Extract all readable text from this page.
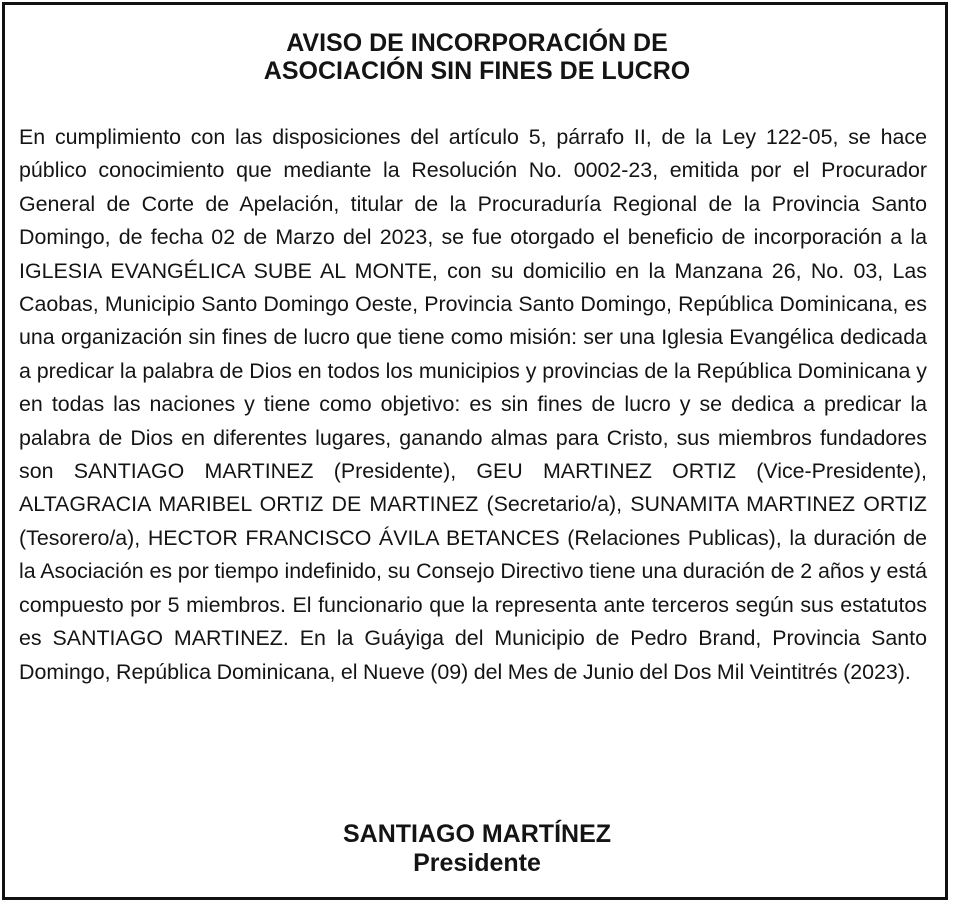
AVISO DE INCORPORACIÓN DE
ASOCIACIÓN SIN FINES DE LUCRO

En cumplimiento con las disposiciones del artículo 5, párrafo II, de la Ley 122-05, se hace público conocimiento que mediante la Resolución No. 0002-23, emitida por el Procurador General de Corte de Apelación, titular de la Procuraduría Regional de la Provincia Santo Domingo, de fecha 02 de Marzo del 2023, se fue otorgado el beneficio de incorporación a la IGLESIA EVANGÉLICA SUBE AL MONTE, con su domicilio en la Manzana 26, No. 03, Las Caobas, Municipio Santo Domingo Oeste, Provincia Santo Domingo, República Dominicana, es una organización sin fines de lucro que tiene como misión: ser una Iglesia Evangélica dedicada a predicar la palabra de Dios en todos los municipios y provincias de la República Dominicana y en todas las naciones y tiene como objetivo: es sin fines de lucro y se dedica a predicar la palabra de Dios en diferentes lugares, ganando almas para Cristo, sus miembros fundadores son SANTIAGO MARTINEZ (Presidente), GEU MARTINEZ ORTIZ (Vice-Presidente), ALTAGRACIA MARIBEL ORTIZ DE MARTINEZ (Secretario/a), SUNAMITA MARTINEZ ORTIZ (Tesorero/a), HECTOR FRANCISCO ÁVILA BETANCES (Relaciones Publicas), la duración de la Asociación es por tiempo indefinido, su Consejo Directivo tiene una duración de 2 años y está compuesto por 5 miembros. El funcionario que la representa ante terceros según sus estatutos es SANTIAGO MARTINEZ. En la Guáyiga del Municipio de Pedro Brand, Provincia Santo Domingo, República Dominicana, el Nueve (09) del Mes de Junio del Dos Mil Veintitrés (2023).

SANTIAGO MARTÍNEZ
Presidente
